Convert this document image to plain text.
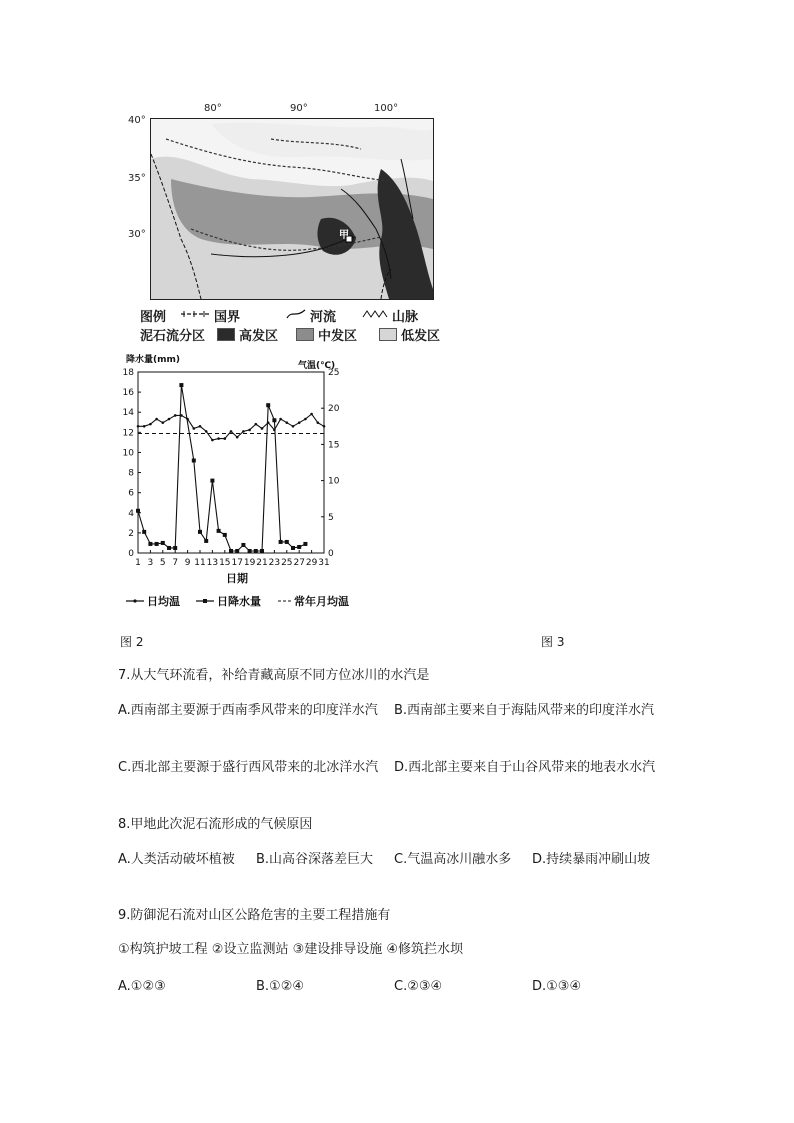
80°	90°	100°
40°
35°
30°	甲
图例	国界	河流	山脉
泥石流分区	高发区	中发区	低发区
降水量(mm)
气温(℃)
日期
0
2
4
6
8
10
12
14
16
18
0
5
10
15
20
25
1 3 5 7 9 11 13 15 17 19 21 23 25 27 29 31
日均温	日降水量	常年月均温
图 2	图 3
7.从大气环流看，补给青藏高原不同方位冰川的水汽是
A.西南部主要源于西南季风带来的印度洋水汽	B.西南部主要来自于海陆风带来的印度洋水汽
C.西北部主要源于盛行西风带来的北冰洋水汽	D.西北部主要来自于山谷风带来的地表水水汽
8.甲地此次泥石流形成的气候原因
A.人类活动破坏植被	B.山高谷深落差巨大	C.气温高冰川融水多	D.持续暴雨冲刷山坡
9.防御泥石流对山区公路危害的主要工程措施有
①构筑护坡工程 ②设立监测站 ③建设排导设施 ④修筑拦水坝
A.①②③	B.①②④	C.②③④	D.①③④
